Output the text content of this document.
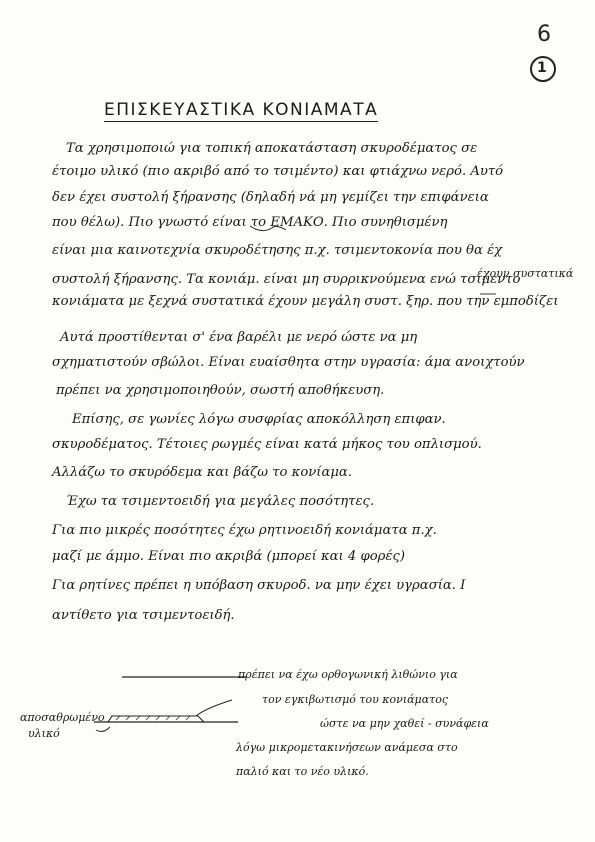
6
1
ΕΠΙΣΚΕΥΑΣΤΙΚΑ ΚΟΝΙΑΜΑΤΑ
Τα χρησιμοποιώ για τοπική αποκατάσταση σκυροδέματος σε
έτοιμο υλικό (πιο ακριβό από το τσιμέντο) και φτιάχνω νερό. Αυτό
δεν έχει συστολή ξήρανσης (δηλαδή νά μη γεμίζει την επιφάνεια
που θέλω). Πιο γνωστό είναι το ΕΜΑΚΟ. Πιο συνηθισμένη
είναι μια καινοτεχνία σκυροδέτησης π.χ. τσιμεντοκονία που θα έχ
έχουν συστατικά
συστολή ξήρανσης. Τα κονιάμ. είναι μη συρρικνούμενα ενώ τσιμεντο
κονιάματα με ξεχνά συστατικά έχουν μεγάλη συστ. ξηρ. που την εμποδίζει
Αυτά προστίθενται σ' ένα βαρέλι με νερό ώστε να μη
σχηματιστούν σβώλοι. Είναι ευαίσθητα στην υγρασία: άμα ανοιχτούν
πρέπει να χρησιμοποιηθούν, σωστή αποθήκευση.
Επίσης, σε γωνίες λόγω συσφρίας αποκόλληση επιφαν.
σκυροδέματος. Τέτοιες ρωγμές είναι κατά μήκος του οπλισμού.
Αλλάζω το σκυρόδεμα και βάζω το κονίαμα.
Έχω τα τσιμεντοειδή για μεγάλες ποσότητες.
Για πιο μικρές ποσότητες έχω ρητινοειδή κονιάματα π.χ.
μαζί με άμμο. Είναι πιο ακριβά (μπορεί και 4 φορές)
Για ρητίνες πρέπει η υπόβαση σκυροδ. να μην έχει υγρασία. Ι
αντίθετο για τσιμεντοειδή.
αποσαθρωμένο
υλικό
πρέπει να έχω ορθογωνική λιθώνιο για
τον εγκιβωτισμό του κονιάματος
ώστε να μην χαθεί - συνάφεια
λόγω μικρομετακινήσεων ανάμεσα στο
παλιό και το νέο υλικό.
